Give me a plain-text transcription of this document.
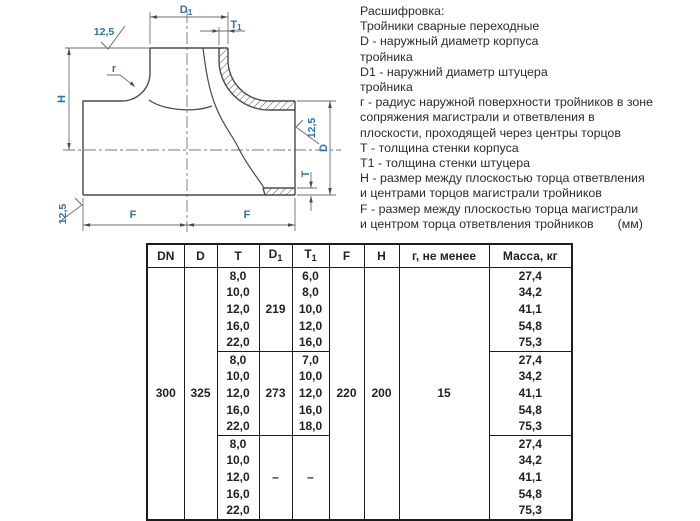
D1
T1
12,5
r
H
12,5
D
T
12,5	F	F
Расшифровка:
Тройники сварные переходные
D - наружный диаметр корпуса
тройника
D1 - наружний диаметр штуцера
тройника
г - радиус наружной поверхности тройников в зоне
сопряжения магистрали и ответвления в
плоскости, проходящей через центры торцов
Т - толщина стенки корпуса
Т1 - толщина стенки штуцера
Н - размер между плоскостью торца ответвления
и центрами торцов магистрали тройников
F - размер между плоскостью торца магистрали
и центром торца ответвления тройников (мм)
DN	D	T	$D_1$	$T_1$	F	H	г, не менее	Масса, кг
300	325	8,0	219	6,0	220	200	15	27,4
		10,0		8,0				34,2
		12,0		10,0				41,1
		16,0		12,0				54,8
		22,0		16,0				75,3
		8,0	273	7,0				27,4
		10,0		10,0				34,2
		12,0		12,0				41,1
		16,0		16,0				54,8
		22,0		18,0				75,3
		8,0	–	–				27,4
		10,0						34,2
		12,0						41,1
		16,0						54,8
		22,0						75,3
